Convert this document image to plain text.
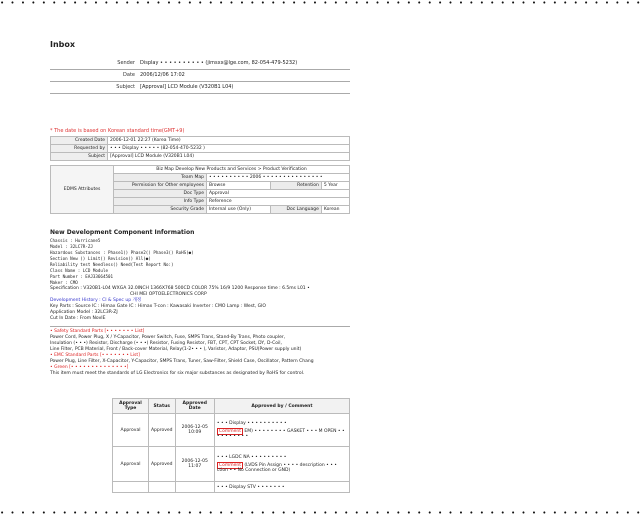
• • • • • • • • • • • • • • • • • • • • • • • • • • • • • • • • • • • • • • • • • • • • • • • • • • • • • • • • • • • • • •
• • • • • • • • • • • • • • • • • • • • • • • • • • • • • • • • • • • • • • • • • • • • • • • • • • • • • • • • • • • • • •
Inbox
Sender Display • • • • • • • • • • (jimsxx@lge.com, 82-054-479-5232)
Date 2006/12/06 17:02
Subject [Approval] LCD Module (V320B1 L04)
* The date is based on Korean standard time(GMT+9)
Created Date	2006-12-01 22:27 (Korea Time)
Requested by	• • • Display • • • • • (82-054-470-5232 )
Subject	[Approval] LCD Module (V320B1 L04)
EDMS Attributes	Biz Map Develop New Products and Services > Product Verification			
	Team Map	• • • • • • • • • • 2006 • • • • • • • • • • • • • • •		
	Permission for Other employees	Browse	Retention	5 Year
	Doc Type	Approval		
	Info Type	Reference		
	Security Grade	Internal use (Only)	Doc Language	Korean
New Development Component Information
Chassis : Hurricane5
Model : 32LC7R-ZJ
Hazardous Substances : Phase1() Phase2() Phase3() RoHS(●)
Section New () Limit() Revision() All(●)
Reliability test Needless() Need(Test Report No:)
Class Name : LCD Module
Part Number : EAJ33664501
Maker : CMO
Specification : V320B1-L04 WXGA 32.0INCH 1366X768 500CD COLOR 75% 16/9 1200 Response time : 6.5ms L01 •
CHI MEI OPTOELECTRONICS CORP
Development History : CI & Spec up 개정
Key Parts : Source IC : Himax Gate IC : Himax T-con : Kawasaki Inverter : CMO Lamp : West, GIO
Application Model : 32LC3R-ZJ
Cut In Date : From NovIE
• Safety Standard Parts [• • • • • • • List]
Power Cord, Power Plug, X / Y-Capacitor, Power Switch, Fuse, SMPS Trans, Stand-By Trans, Photo coupler,
Insulation (• • •) Resistor, Discharge (• • •) Resistor, Fusing Resistor, FBT, CPT, CPT Socket, DY, D-Coil,
Line Filter, PCB Material, Front / Back-cover Material, Relay(1-2• • • ), Varistor, Adaptor, PSU(Power supply unit)
• EMC Standard Parts [• • • • • • • List]
Power Plug, Line Filter, X-Capacitor, Y-Capacitor, SMPS Trans, Tuner, Saw-Filter, Shield Case, Oscillator, Pattern Chang
• Green [• • • • • • • • • • • • • •]
This item must meet the standards of LG Electronics for six major substances as designated by RoHS for control.
Approval Type	Status	Approved Date	Approved by / Comment
Approval	Approved	2006-12-05 10:09	• • • Display • • • • • • • • • •
Comment EM) • • • • • • • • GASKET • • • M OPEN • • • • • • • • • •

Approval	Approved	2006-12-05 11:07	• • • LGDC NA • • • • • • • • •
Comment (LVDS Pin Assign • • • • description • • • ction • • No Connection or GND)

			• • • Display STV • • • • • • •
